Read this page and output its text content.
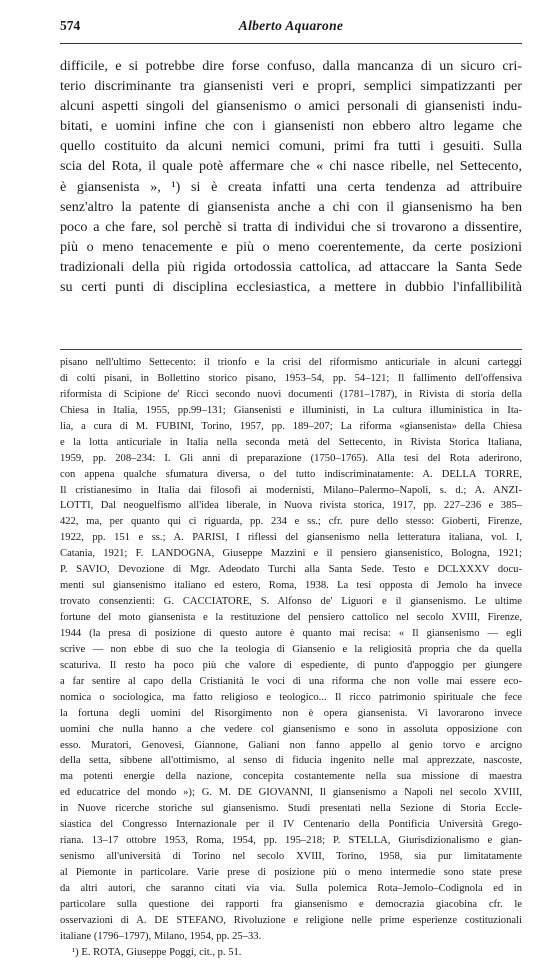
574	Alberto Aquarone
difficile, e si potrebbe dire forse confuso, dalla mancanza di un sicuro cri-
terio discriminante tra giansenisti veri e propri, semplici simpatizzanti per
alcuni aspetti singoli del giansenismo o amici personali di giansenisti indu-
bitati, e uomini infine che con i giansenisti non ebbero altro legame che
quello costituito da alcuni nemici comuni, primi fra tutti i gesuiti. Sulla
scia del Rota, il quale potè affermare che « chi nasce ribelle, nel Settecento,
è giansenista », ¹) si è creata infatti una certa tendenza ad attribuire
senz'altro la patente di giansenista anche a chi con il giansenismo ha ben
poco a che fare, sol perchè si tratta di individui che si trovarono a dissentire,
più o meno tenacemente e più o meno coerentemente, da certe posizioni
tradizionali della più rigida ortodossia cattolica, ad attaccare la Santa Sede
su certi punti di disciplina ecclesiastica, a mettere in dubbio l'infallibilità
pisano nell'ultimo Settecento: il trionfo e la crisi del riformismo anticuriale in alcuni carteggi
di colti pisani, in Bollettino storico pisano, 1953–54, pp. 54–121; Il fallimento dell'offensiva
riformista di Scipione de' Ricci secondo nuovi documenti (1781–1787), in Rivista di storia della
Chiesa in Italia, 1955, pp.99–131; Giansenisti e illuministi, in La cultura illuministica in Ita-
lia, a cura di M. FUBINI, Torino, 1957, pp. 189–207; La riforma «giansenista» della Chiesa
e la lotta anticuriale in Italia nella seconda metà del Settecento, in Rivista Storica Italiana,
1959, pp. 208–234: I. Gli anni di preparazione (1750–1765). Alla tesi del Rota aderirono,
con appena qualche sfumatura diversa, o del tutto indiscriminatamente: A. DELLA TORRE,
Il cristianesimo in Italia dai filosofi ai modernisti, Milano–Palermo–Napoli, s. d.; A. ANZI-
LOTTI, Dal neoguelfismo all'idea liberale, in Nuova rivista storica, 1917, pp. 227–236 e 385–
422, ma, per quanto qui ci riguarda, pp. 234 e ss.; cfr. pure dello stesso: Gioberti, Firenze,
1922, pp. 151 e ss.; A. PARISI, I riflessi del giansenismo nella letteratura italiana, vol. I,
Catania, 1921; F. LANDOGNA, Giuseppe Mazzini e il pensiero giansenistico, Bologna, 1921;
P. SAVIO, Devozione di Mgr. Adeodato Turchi alla Santa Sede. Testo e DCLXXXV docu-
menti sul giansenismo italiano ed estero, Roma, 1938. La tesi opposta di Jemolo ha invece
trovato consenzienti: G. CACCIATORE, S. Alfonso de' Liguori e il giansenismo. Le ultime
fortune del moto giansenista e la restituzione del pensiero cattolico nel secolo XVIII, Firenze,
1944 (la presa di posizione di questo autore è quanto mai recisa: « Il giansenismo — egli
scrive — non ebbe di suo che la teologia di Giansenio e la religiosità propria che da quella
scaturiva. Il resto ha poco più che valore di espediente, di punto d'appoggio per giungere
a far sentire al capo della Cristianità le voci di una riforma che non volle mai essere eco-
nomica o sociologica, ma fatto religioso e teologico... Il ricco patrimonio spirituale che fece
la fortuna degli uomini del Risorgimento non è opera giansenista. Vi lavorarono invece
uomini che nulla hanno a che vedere col giansenismo e sono in assoluta opposizione con
esso. Muratori, Genovesi, Giannone, Galiani non fanno appello al genio torvo e arcigno
della setta, sibbene all'ottimismo, al senso di fiducia ingenito nelle mal apprezzate, nascoste,
ma potenti energie della nazione, concepita costantemente nella sua missione di maestra
ed educatrice del mondo »); G. M. DE GIOVANNI, Il giansenismo a Napoli nel secolo XVIII,
in Nuove ricerche storiche sul giansenismo. Studi presentati nella Sezione di Storia Eccle-
siastica del Congresso Internazionale per il IV Centenario della Pontificia Università Grego-
riana. 13–17 ottobre 1953, Roma, 1954, pp. 195–218; P. STELLA, Giurisdizionalismo e gian-
senismo all'università di Torino nel secolo XVIII, Torino, 1958, sia pur limitatamente
al Piemonte in particolare. Varie prese di posizione più o meno intermedie sono state prese
da altri autori, che saranno citati via via. Sulla polemica Rota–Jemolo–Codignola ed in
particolare sulla questione dei rapporti fra giansenismo e democrazia giacobina cfr. le
osservazioni di A. DE STEFANO, Rivoluzione e religione nelle prime esperienze costituzionali
italiane (1796–1797), Milano, 1954, pp. 25–33.
¹) E. ROTA, Giuseppe Poggi, cit., p. 51.
